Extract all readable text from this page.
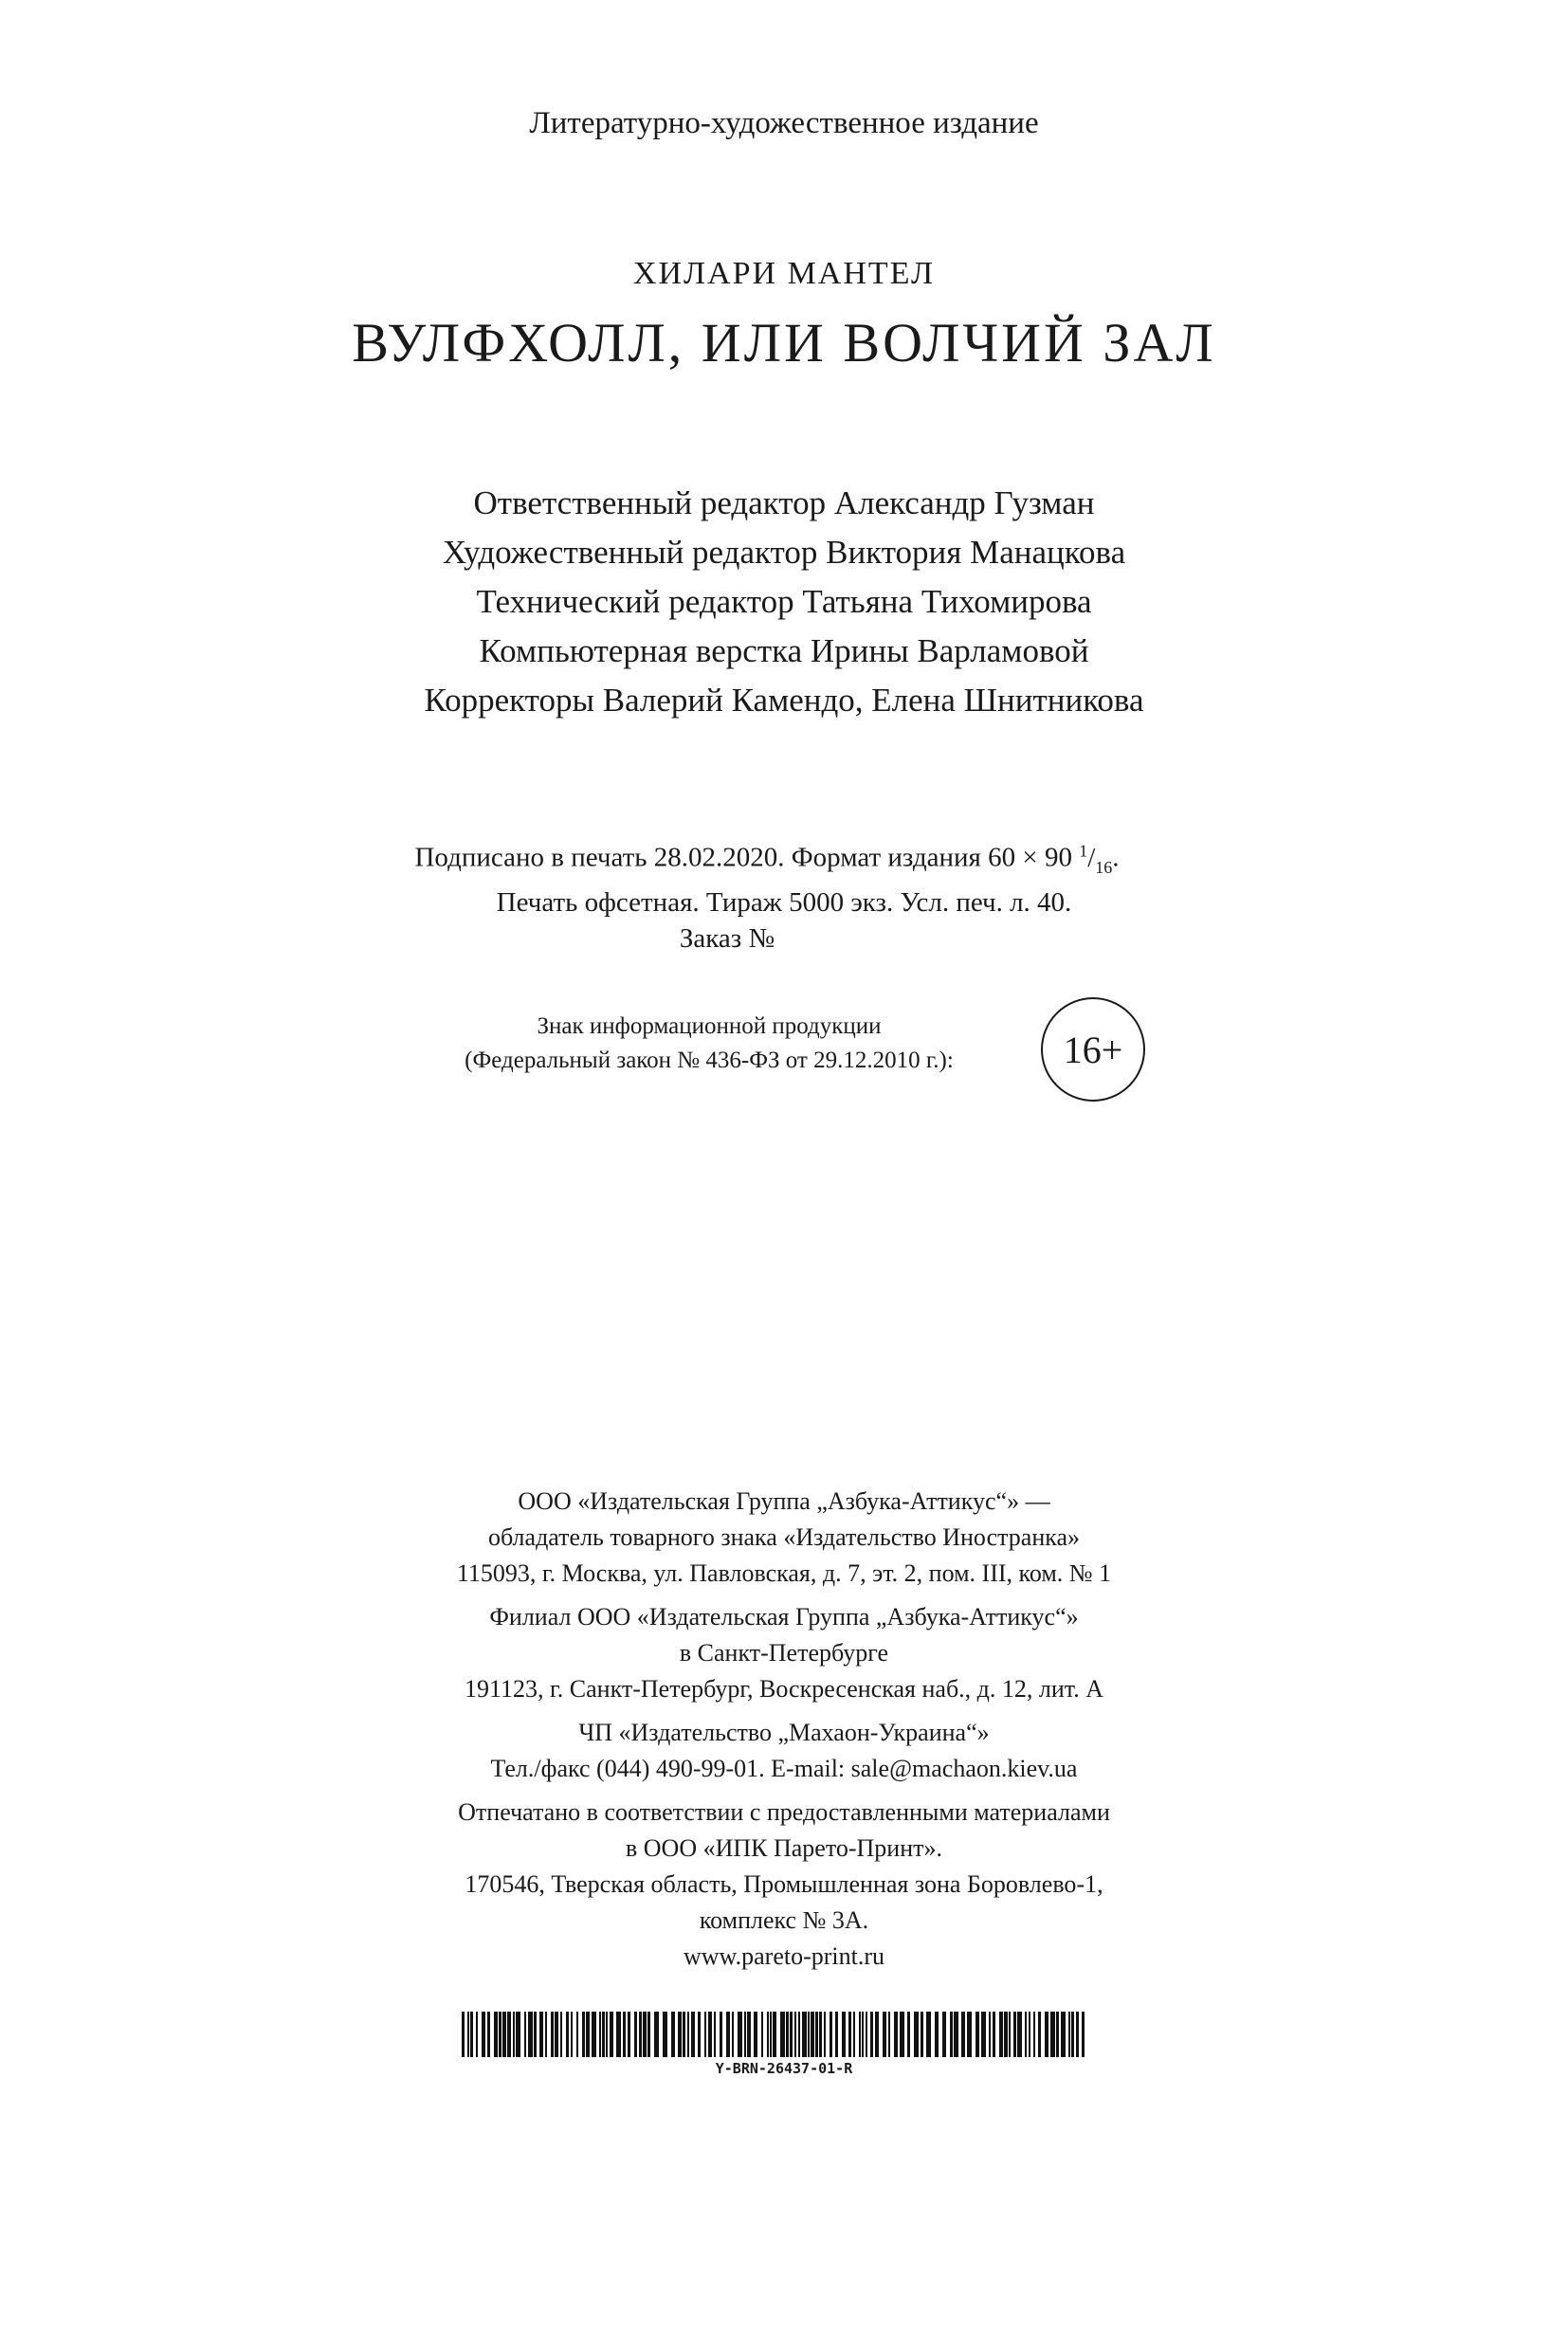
Литературно-художественное издание
ХИЛАРИ МАНТЕЛ
ВУЛФХОЛЛ, ИЛИ ВОЛЧИЙ ЗАЛ
Ответственный редактор Александр Гузман
Художественный редактор Виктория Манацкова
Технический редактор Татьяна Тихомирова
Компьютерная верстка Ирины Варламовой
Корректоры Валерий Камендо, Елена Шнитникова
Подписано в печать 28.02.2020. Формат издания 60 × 90 $^1/_{16}$.
Печать офсетная. Тираж 5000 экз. Усл. печ. л. 40.
Заказ №
Знак информационной продукции
(Федеральный закон № 436-ФЗ от 29.12.2010 г.):	16+
ООО «Издательская Группа „Азбука-Аттикус“» —
обладатель товарного знака «Издательство Иностранка»
115093, г. Москва, ул. Павловская, д. 7, эт. 2, пом. III, ком. № 1
Филиал ООО «Издательская Группа „Азбука-Аттикус“»
в Санкт-Петербурге
191123, г. Санкт-Петербург, Воскресенская наб., д. 12, лит. А
ЧП «Издательство „Махаон-Украина“»
Тел./факс (044) 490-99-01. E-mail: sale@machaon.kiev.ua
Отпечатано в соответствии с предоставленными материалами
в ООО «ИПК Парето-Принт».
170546, Тверская область, Промышленная зона Боровлево-1,
комплекс № 3А.
www.pareto-print.ru
Y-BRN-26437-01-R
